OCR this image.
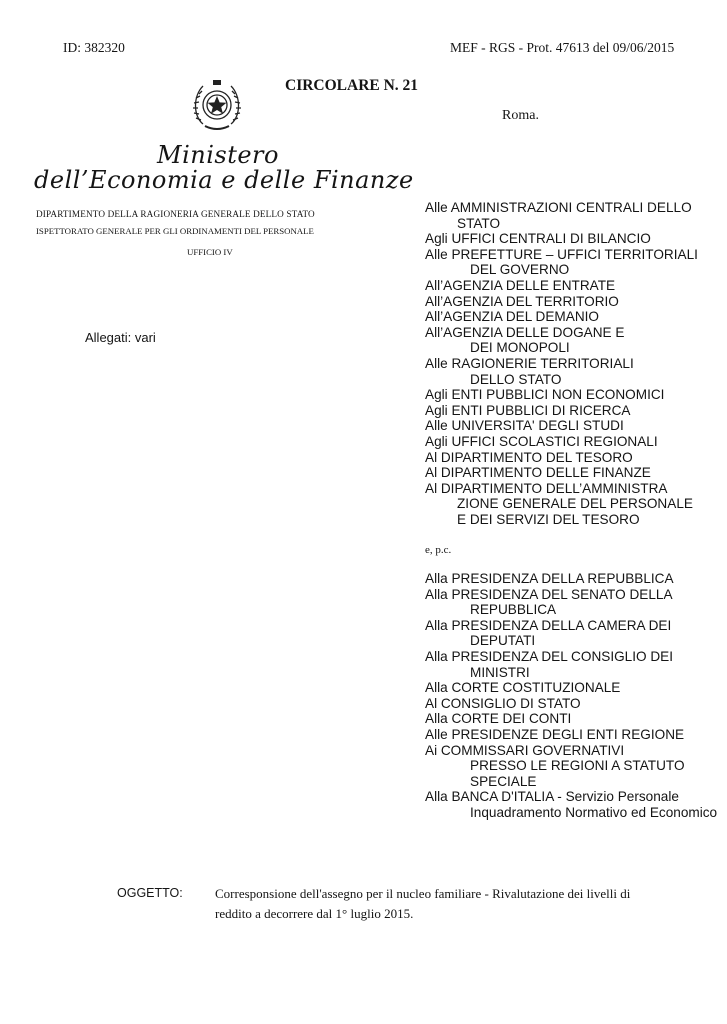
ID: 382320	MEF - RGS - Prot. 47613 del 09/06/2015
CIRCOLARE N. 21
Roma.
Ministero
dell’Economia e delle Finanze
DIPARTIMENTO DELLA RAGIONERIA GENERALE DELLO STATO
ISPETTORATO GENERALE PER GLI ORDINAMENTI DEL PERSONALE
UFFICIO IV
Allegati: vari
Alle AMMINISTRAZIONI CENTRALI DELLO
STATO
Agli UFFICI CENTRALI DI BILANCIO
Alle PREFETTURE – UFFICI TERRITORIALI
DEL GOVERNO
All’AGENZIA DELLE ENTRATE
All’AGENZIA DEL TERRITORIO
All’AGENZIA DEL DEMANIO
All’AGENZIA DELLE DOGANE E
DEI MONOPOLI
Alle RAGIONERIE TERRITORIALI
DELLO STATO
Agli ENTI PUBBLICI NON ECONOMICI
Agli ENTI PUBBLICI DI RICERCA
Alle UNIVERSITA' DEGLI STUDI
Agli UFFICI SCOLASTICI REGIONALI
Al DIPARTIMENTO DEL TESORO
Al DIPARTIMENTO DELLE FINANZE
Al DIPARTIMENTO DELL’AMMINISTRA
ZIONE GENERALE DEL PERSONALE
E DEI SERVIZI DEL TESORO
e, p.c.
Alla PRESIDENZA DELLA REPUBBLICA
Alla PRESIDENZA DEL SENATO DELLA
REPUBBLICA
Alla PRESIDENZA DELLA CAMERA DEI
DEPUTATI
Alla PRESIDENZA DEL CONSIGLIO DEI
MINISTRI
Alla CORTE COSTITUZIONALE
Al CONSIGLIO DI STATO
Alla CORTE DEI CONTI
Alle PRESIDENZE DEGLI ENTI REGIONE
Ai COMMISSARI GOVERNATIVI
PRESSO LE REGIONI A STATUTO
SPECIALE
Alla BANCA D'ITALIA - Servizio Personale
Inquadramento Normativo ed Economico
OGGETTO: Corresponsione dell'assegno per il nucleo familiare - Rivalutazione dei livelli di
reddito a decorrere dal 1° luglio 2015.
